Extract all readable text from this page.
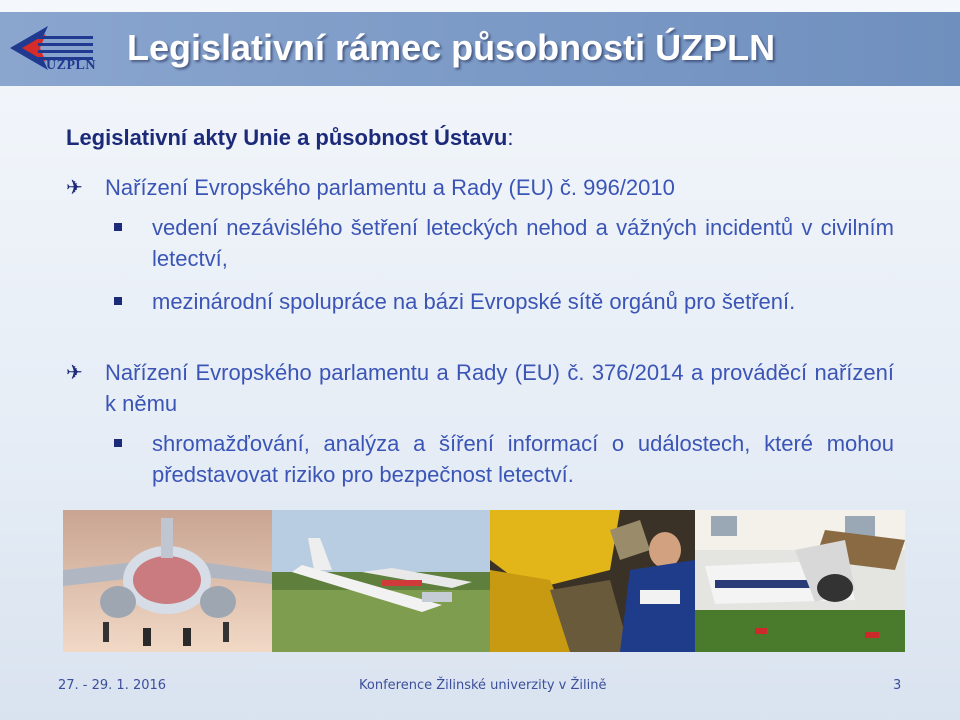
ÚZPLN Legislativní rámec působnosti ÚZPLN
Legislativní akty Unie a působnost Ústavu:
✈	Nařízení Evropského parlamentu a Rady (EU) č. 996/2010
vedení nezávislého šetření leteckých nehod a vážných incidentů v civilním letectví,
mezinárodní spolupráce na bázi Evropské sítě orgánů pro šetření.
✈	Nařízení Evropského parlamentu a Rady (EU) č. 376/2014 a prováděcí nařízení k němu
shromažďování, analýza a šíření informací o událostech, které mohou představovat riziko pro bezpečnost letectví.
27. - 29. 1. 2016	Konference Žilinské univerzity v Žilině	3
